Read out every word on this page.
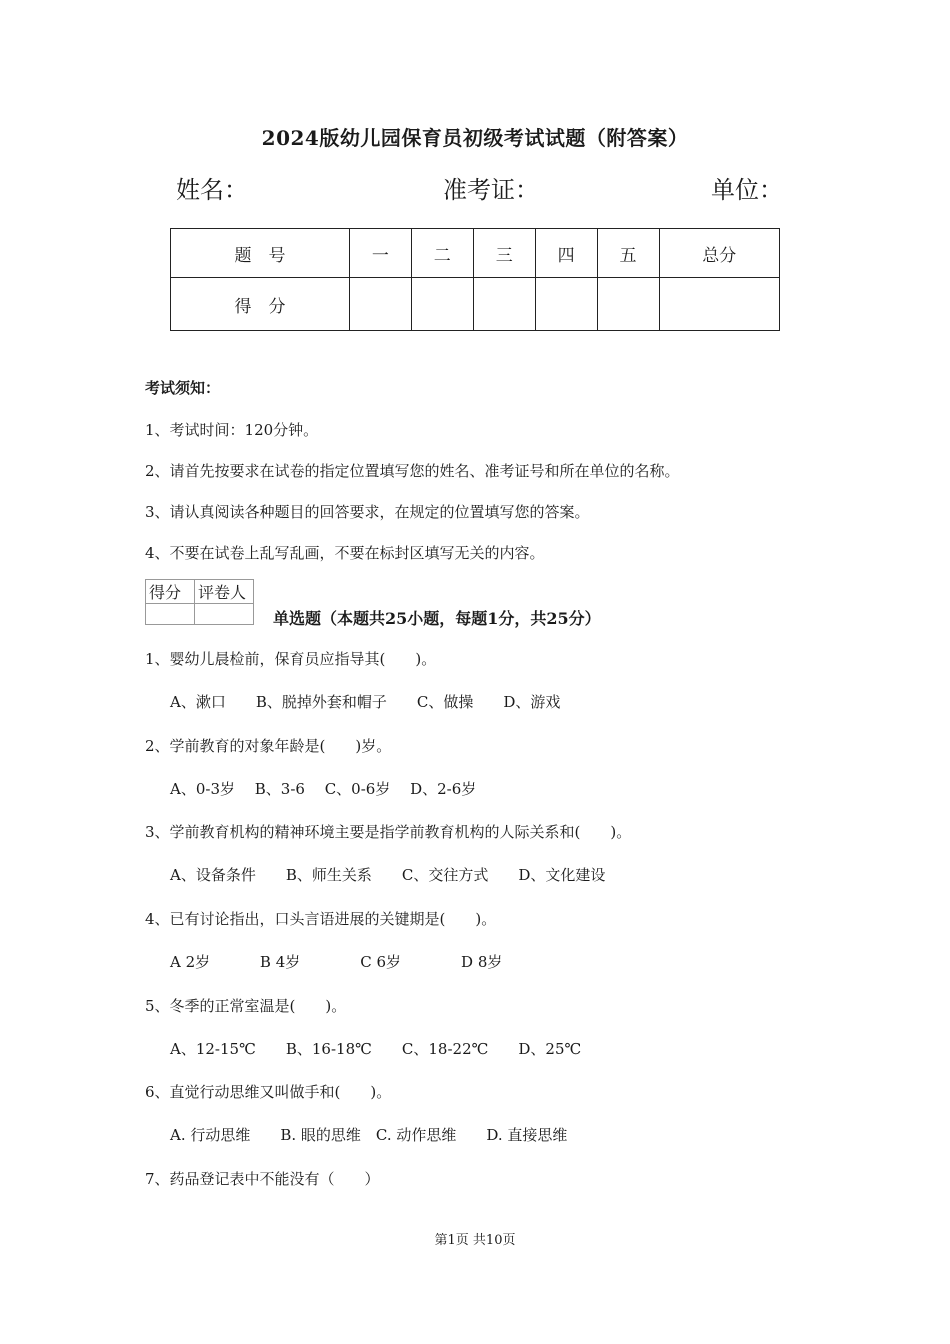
2024版幼儿园保育员初级考试试题（附答案）
姓名：	准考证：	单位：
题　号	一	二	三	四	五	总分
得　分						
考试须知：
1、考试时间：120分钟。
2、请首先按要求在试卷的指定位置填写您的姓名、准考证号和所在单位的名称。
3、请认真阅读各种题目的回答要求，在规定的位置填写您的答案。
4、不要在试卷上乱写乱画，不要在标封区填写无关的内容。
得分	评卷人

单选题（本题共25小题，每题1分，共25分）
1、婴幼儿晨检前，保育员应指导其(　　)。
A、漱口　　B、脱掉外套和帽子　　C、做操　　D、游戏
2、学前教育的对象年龄是(　　)岁。
A、0-3岁　 B、3-6　 C、0-6岁　 D、2-6岁
3、学前教育机构的精神环境主要是指学前教育机构的人际关系和(　　)。
A、设备条件　　B、师生关系　　C、交往方式　　D、文化建设
4、已有讨论指出，口头言语进展的关键期是(　　)。
A 2岁　　　 B 4岁　　　　C 6岁　　　　D 8岁
5、冬季的正常室温是(　　)。
A、12-15℃　　B、16-18℃　　C、18-22℃　　D、25℃
6、直觉行动思维又叫做手和(　　)。
A. 行动思维　　B. 眼的思维　C. 动作思维　　D. 直接思维
7、药品登记表中不能没有（　　）
第1页 共10页
